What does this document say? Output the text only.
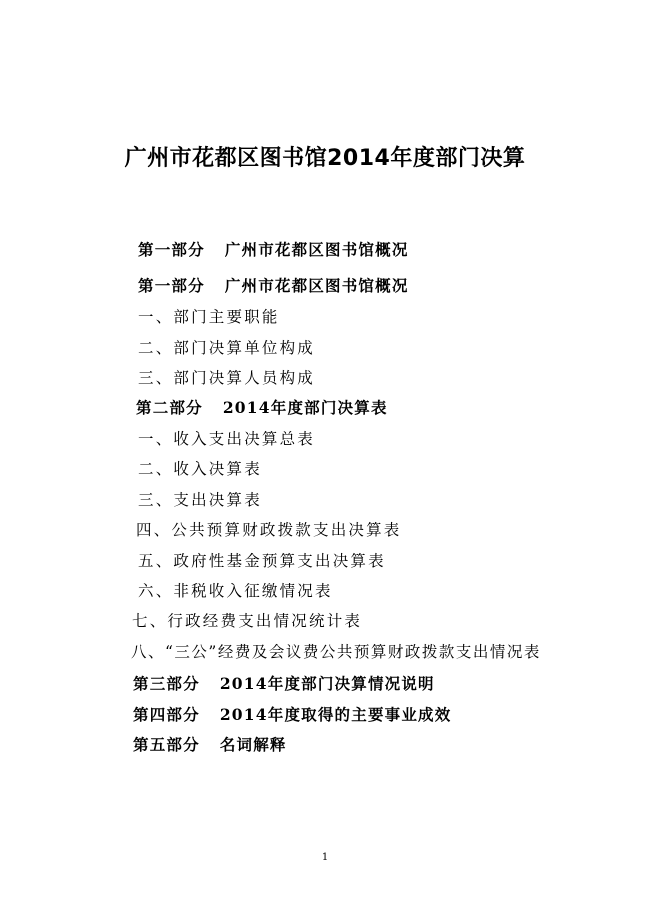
广州市花都区图书馆2014年度部门决算
第一部分 广州市花都区图书馆概况
第一部分 广州市花都区图书馆概况
一、部门主要职能
二、部门决算单位构成
三、部门决算人员构成
第二部分 2014年度部门决算表
一、收入支出决算总表
二、收入决算表
三、支出决算表
四、公共预算财政拨款支出决算表
五、政府性基金预算支出决算表
六、非税收入征缴情况表
七、行政经费支出情况统计表
八、“三公”经费及会议费公共预算财政拨款支出情况表
第三部分 2014年度部门决算情况说明
第四部分 2014年度取得的主要事业成效
第五部分 名词解释
1
